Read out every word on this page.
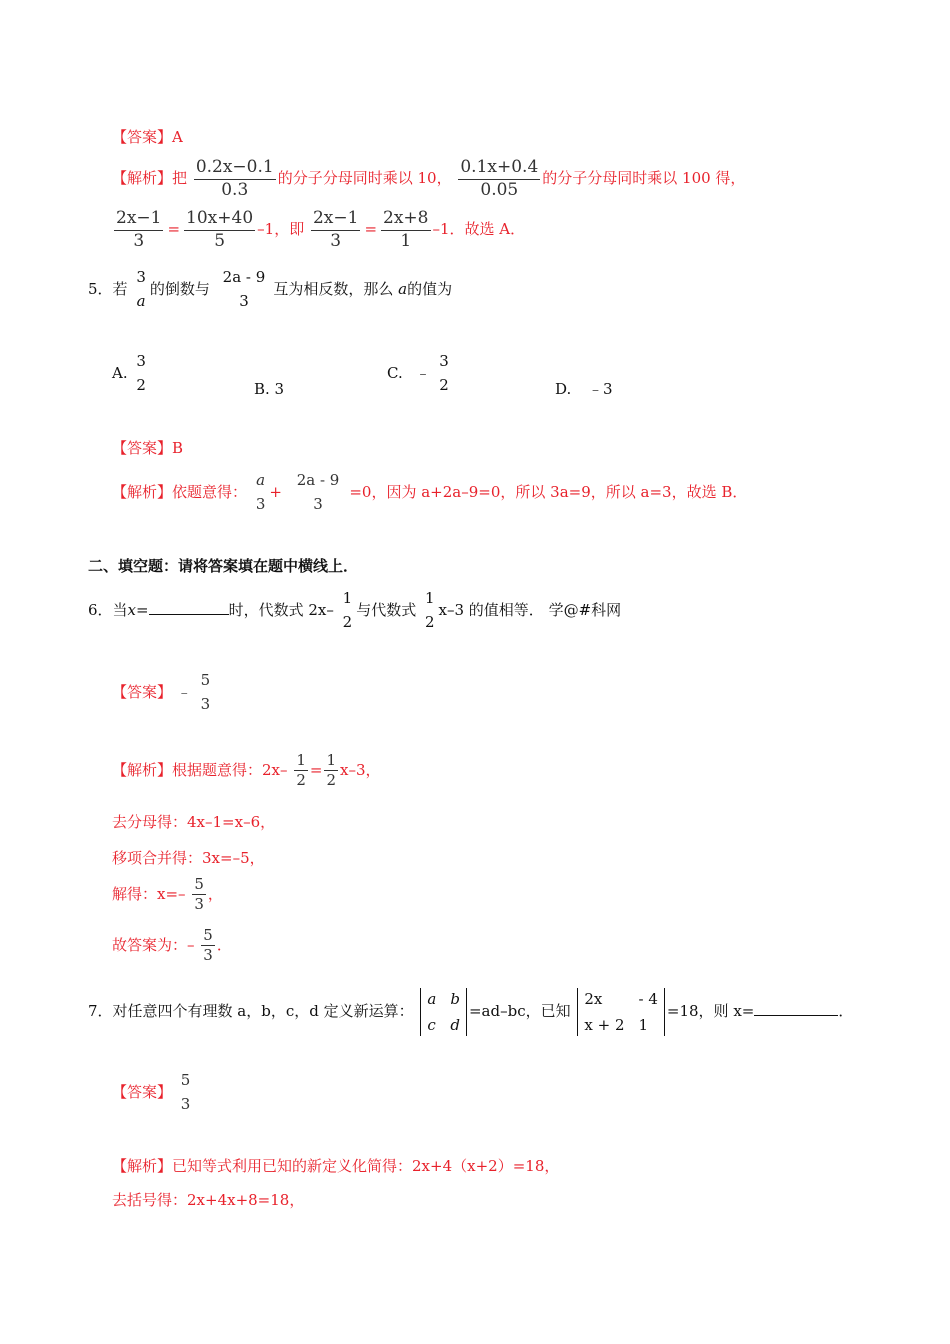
【答案】A
【解析】把 $\frac{0.2x-0.1}{0.3}$ 的分子分母同时乘以 10， $\frac{0.1x+0.4}{0.05}$ 的分子分母同时乘以 100 得，
$\frac{2x-1}{3} = \frac{10x+40}{5} -1$，即 $\frac{2x-1}{3} = \frac{2x+8}{1} -1$．故选 A．
5．若
3
a
的倒数与
2a - 9
3
互为相反数，那么 a的值为
A.
3
2	B. 3
C. ﹣
3
2	D. ﹣3
【答案】B
【解析】依题意得：
a
3
+
2a - 9
3
=0，因为 a+2a–9=0，所以 3a=9，所以 a=3，故选 B．
二、填空题：请将答案填在题中横线上．
6．当x=	时，代数式 2x–
1
2
与代数式
1
2
x–3 的值相等． 学@#科网
【答案】 ﹣
5
3
【解析】根据题意得：$2x- \frac{1}{2} = \frac{1}{2} x-3$，
去分母得：4x–1=x–6，
移项合并得：3x=–5，
解得：$x=- \frac{5}{3}$ ，
故答案为：– $\frac{5}{3}$ ．
7．对任意四个有理数 a，b，c，d 定义新运算：
a b
c d
=ad–bc，已知
2x	- 4
x + 2 1
=18，则 x=	．
【答案】
5
3
【解析】已知等式利用已知的新定义化简得：2x+4（x+2）=18，
去括号得：2x+4x+8=18，
